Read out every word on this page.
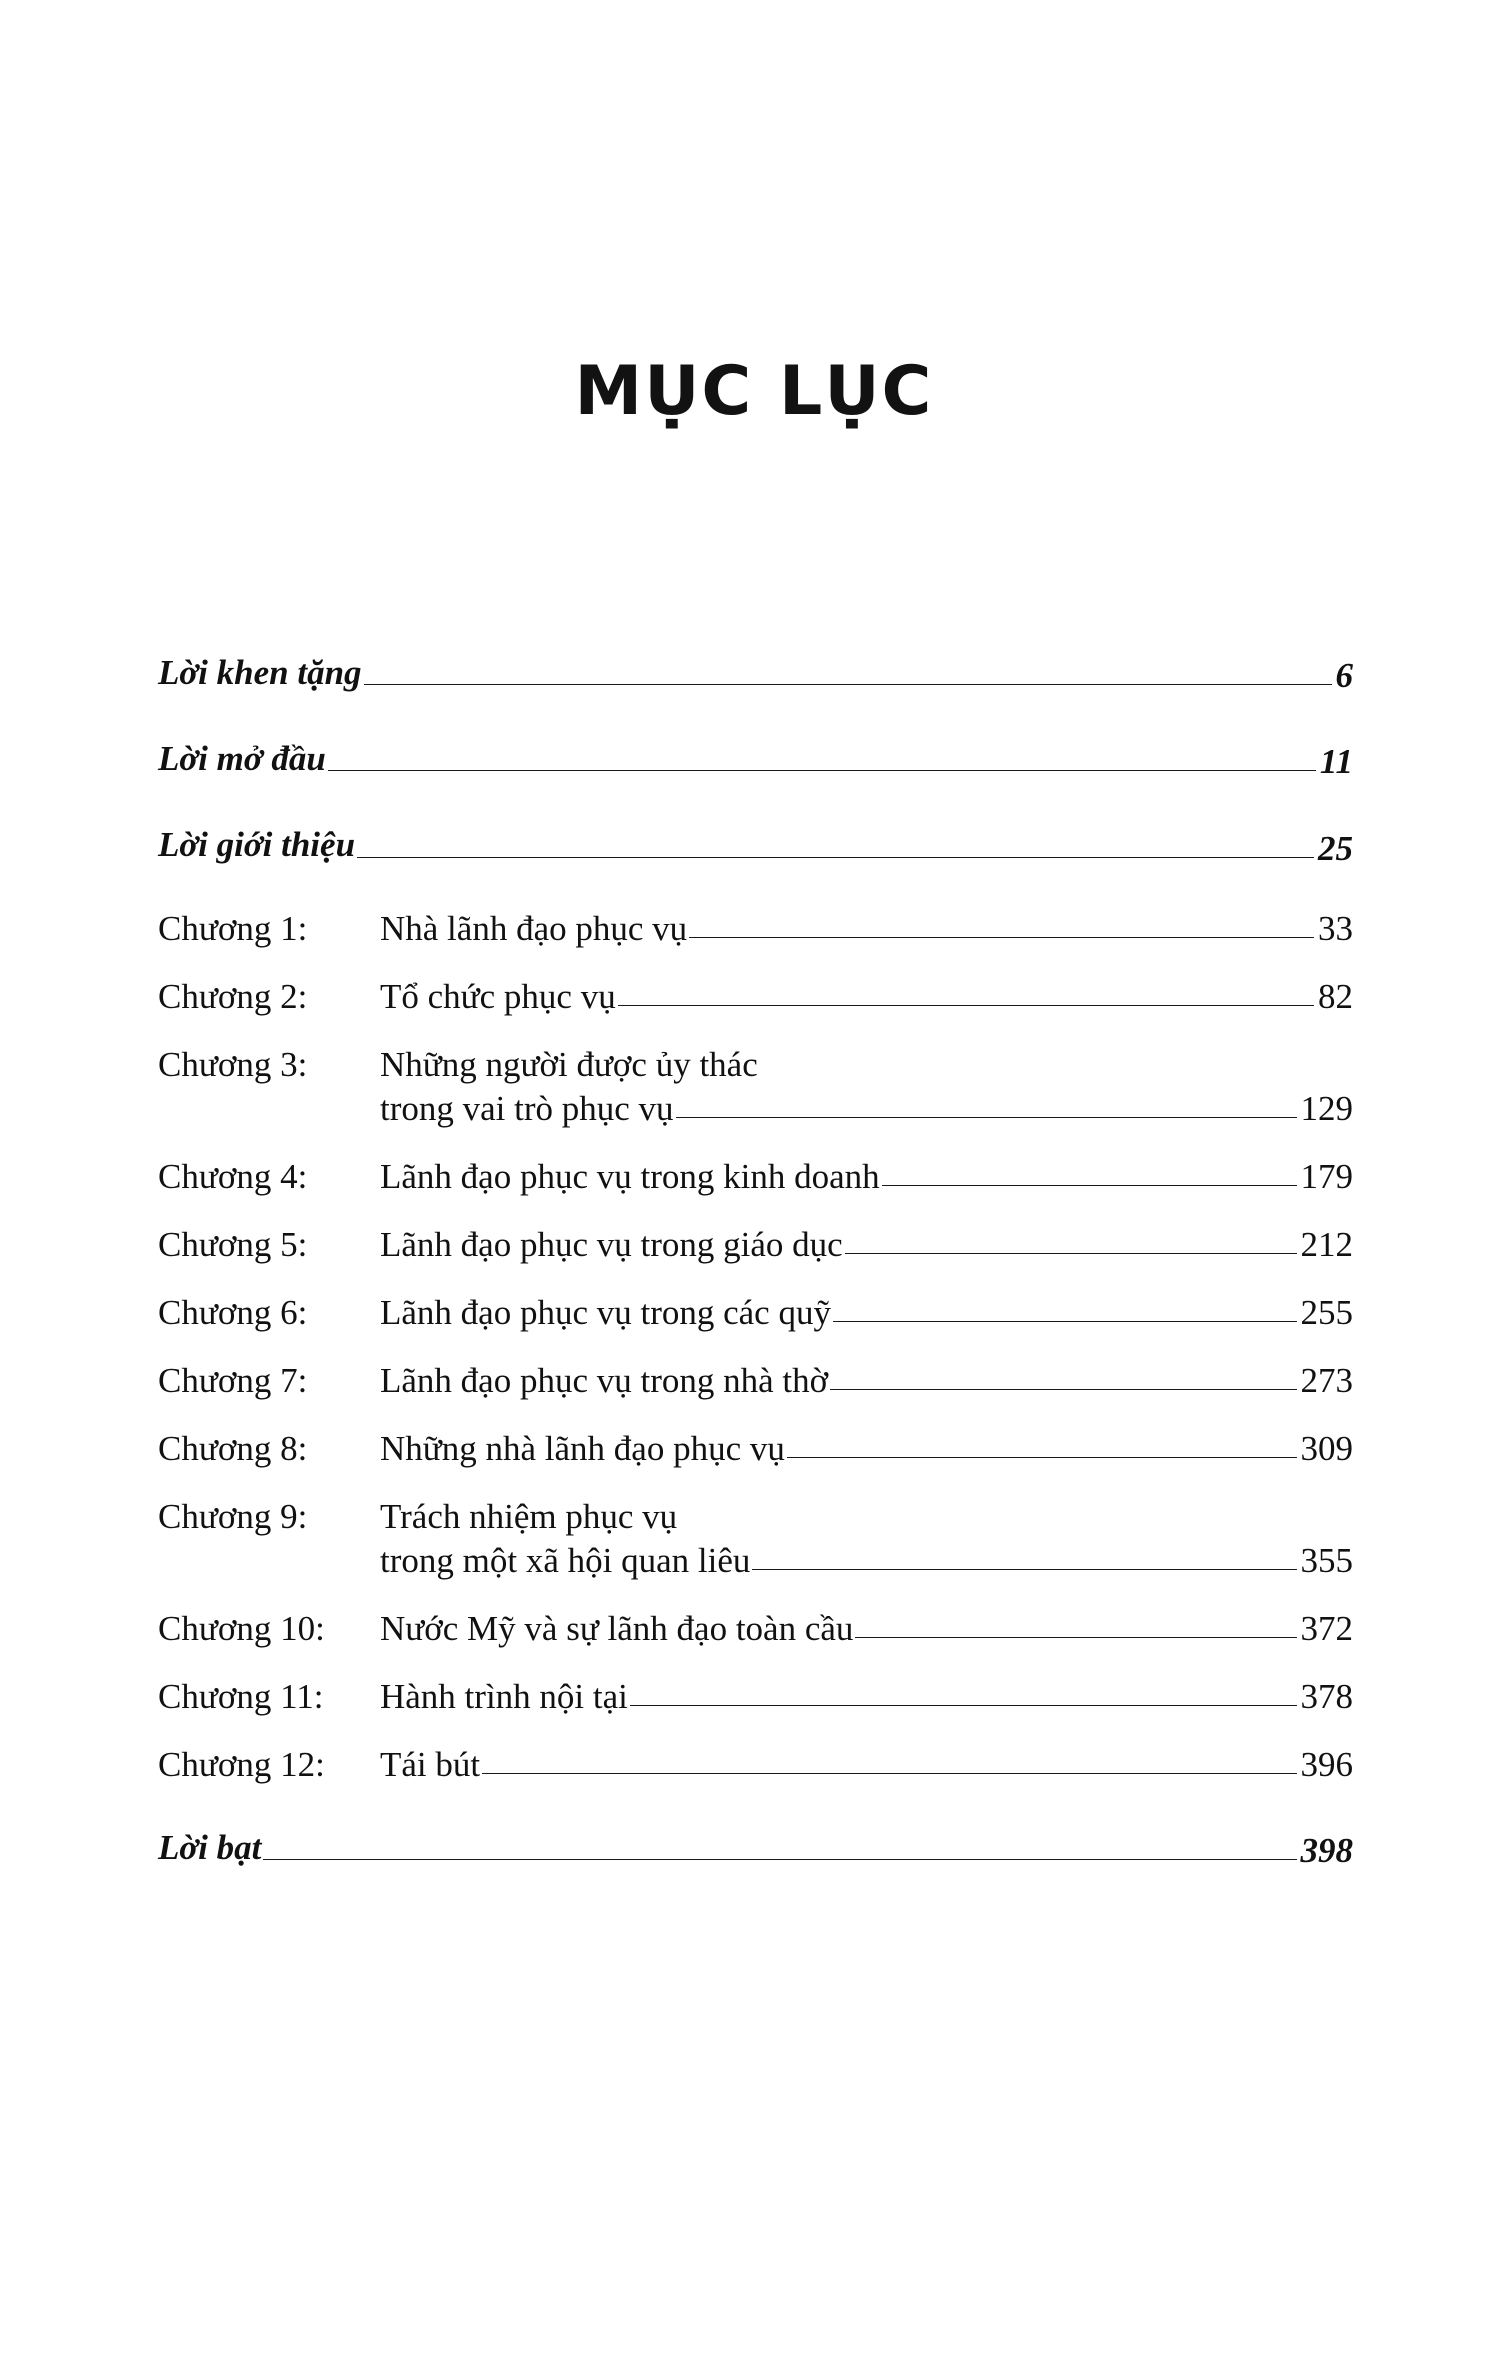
MỤC LỤC
Lời khen tặng	6
Lời mở đầu	11
Lời giới thiệu	25
Chương 1:	Nhà lãnh đạo phục vụ	33
Chương 2:	Tổ chức phục vụ	82
Chương 3:	Những người được ủy thác
trong vai trò phục vụ	129
Chương 4:	Lãnh đạo phục vụ trong kinh doanh	179
Chương 5:	Lãnh đạo phục vụ trong giáo dục	212
Chương 6:	Lãnh đạo phục vụ trong các quỹ	255
Chương 7:	Lãnh đạo phục vụ trong nhà thờ	273
Chương 8:	Những nhà lãnh đạo phục vụ	309
Chương 9:	Trách nhiệm phục vụ
trong một xã hội quan liêu	355
Chương 10:	Nước Mỹ và sự lãnh đạo toàn cầu	372
Chương 11:	Hành trình nội tại	378
Chương 12:	Tái bút	396
Lời bạt	398
